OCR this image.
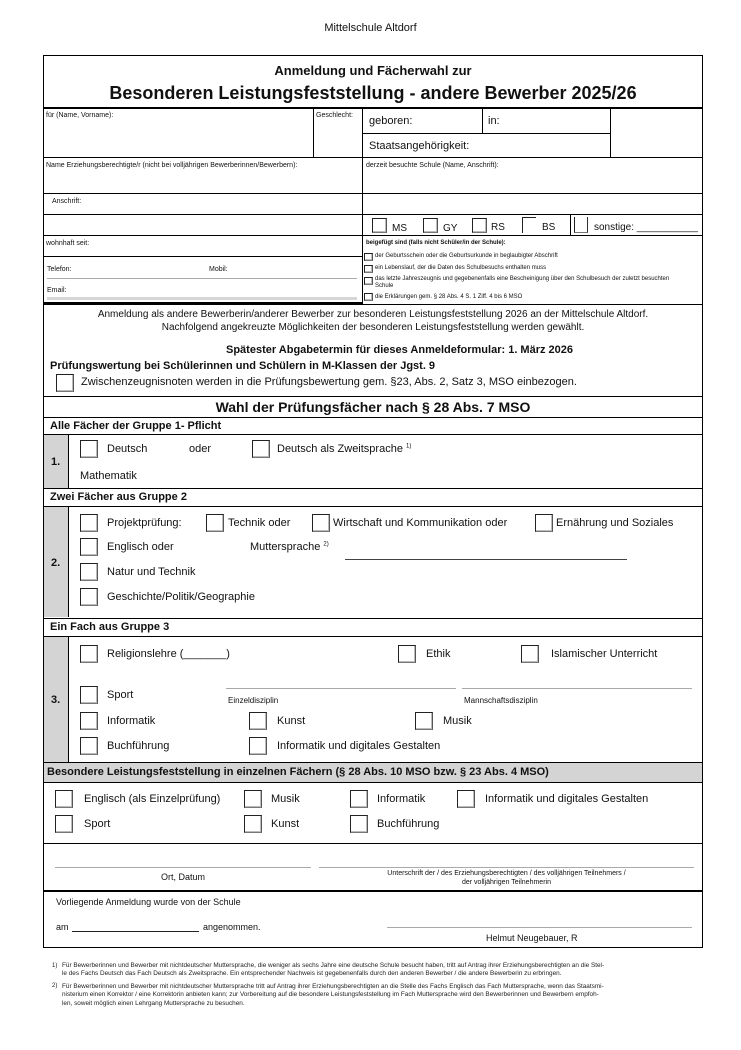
Mittelschule Altdorf
Anmeldung und Fächerwahl zur
Besonderen Leistungsfeststellung - andere Bewerber 2025/26
für (Name, Vorname):	Geschlecht: geboren:	in:
Staatsangehörigkeit:
Name Erziehungsberechtigte/r (nicht bei volljährigen Bewerberinnen/Bewerbern):	derzeit besuchte Schule (Name, Anschrift):
Anschrift:
MS	GY	RS	BS	sonstige: ___________
wohnhaft seit:
Telefon:	Mobil:
Email:
beigefügt sind (falls nicht Schüler/in der Schule):
der Geburtsschein oder die Geburtsurkunde in beglaubigter Abschrift
ein Lebenslauf, der die Daten des Schulbesuchs enthalten muss
das letzte Jahreszeugnis und gegebenenfalls eine Bescheinigung über den Schulbesuch der zuletzt besuchten
Schule
die Erklärungen gem. § 28 Abs. 4 S. 1 Ziff. 4 bis 6 MSO
Anmeldung als andere Bewerberin/anderer Bewerber zur besonderen Leistungsfeststellung 2026 an der Mittelschule Altdorf.
Nachfolgend angekreuzte Möglichkeiten der besonderen Leistungsfeststellung werden gewählt.
Spätester Abgabetermin für dieses Anmeldeformular: 1. März 2026
Prüfungswertung bei Schülerinnen und Schülern in M-Klassen der Jgst. 9
Zwischenzeugnisnoten werden in die Prüfungsbewertung gem. §23, Abs. 2, Satz 3, MSO einbezogen.
Wahl der Prüfungsfächer nach § 28 Abs. 7 MSO
Alle Fächer der Gruppe 1- Pflicht
1.
Deutsch	oder	Deutsch als Zweitsprache $^{1)}$
Mathematik
Zwei Fächer aus Gruppe 2
2.
Projektprüfung:	Technik oder	Wirtschaft und Kommunikation oder	Ernährung und Soziales
Englisch oder	Muttersprache $^{2)}$
Natur und Technik
Geschichte/Politik/Geographie
Ein Fach aus Gruppe 3
3.
Religionslehre (_______)	Ethik	Islamischer Unterricht
Sport	Einzeldisziplin	Mannschaftsdisziplin
Informatik	Kunst	Musik
Buchführung	Informatik und digitales Gestalten
Besondere Leistungsfeststellung in einzelnen Fächern (§ 28 Abs. 10 MSO bzw. § 23 Abs. 4 MSO)
Englisch (als Einzelprüfung)	Musik	Informatik	Informatik und digitales Gestalten
Sport	Kunst	Buchführung
Ort, Datum	Unterschrift der / des Erziehungsberechtigten / des volljährigen Teilnehmers /
der volljährigen Teilnehmerin
Vorliegende Anmeldung wurde von der Schule
am	angenommen.
Helmut Neugebauer, R
1) Für Bewerberinnen und Bewerber mit nichtdeutscher Muttersprache, die weniger als sechs Jahre eine deutsche Schule besucht haben, tritt auf Antrag ihrer Erziehungsberechtigten an die Stel-
le des Fachs Deutsch das Fach Deutsch als Zweitsprache. Ein entsprechender Nachweis ist gegebenenfalls durch den anderen Bewerber / die andere Bewerberin zu erbringen.
2) Für Bewerberinnen und Bewerber mit nichtdeutscher Muttersprache tritt auf Antrag ihrer Erziehungsberechtigten an die Stelle des Fachs Englisch das Fach Muttersprache, wenn das Staatsmi-
nisterium einen Korrektor / eine Korrektorin anbieten kann; zur Vorbereitung auf die besondere Leistungsfeststellung im Fach Muttersprache wird den Bewerberinnen und Bewerbern empfoh-
len, soweit möglich einen Lehrgang Muttersprache zu besuchen.
